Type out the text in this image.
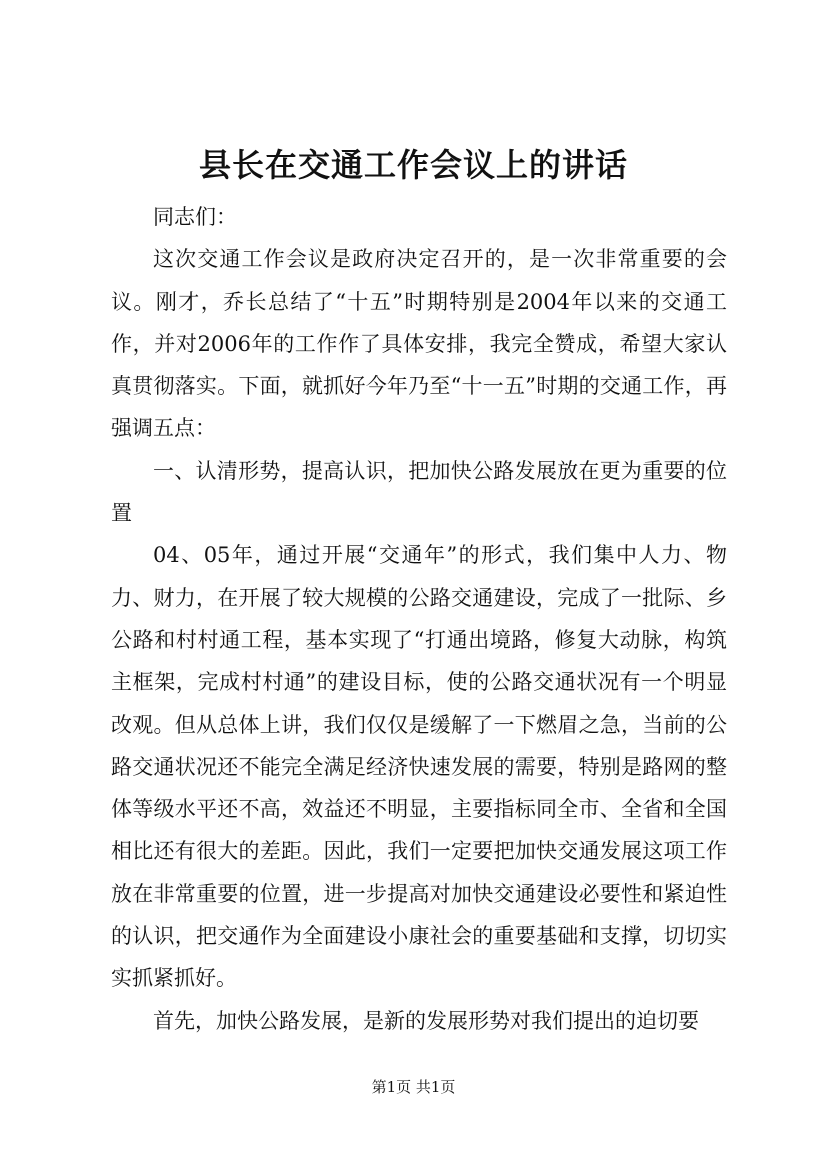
县长在交通工作会议上的讲话

同志们：

这次交通工作会议是政府决定召开的，是一次非常重要的会议。刚才，乔长总结了“十五”时期特别是2004年以来的交通工作，并对2006年的工作作了具体安排，我完全赞成，希望大家认真贯彻落实。下面，就抓好今年乃至“十一五”时期的交通工作，再强调五点：

一、认清形势，提高认识，把加快公路发展放在更为重要的位置

04、05年，通过开展“交通年”的形式，我们集中人力、物力、财力，在开展了较大规模的公路交通建设，完成了一批际、乡公路和村村通工程，基本实现了“打通出境路，修复大动脉，构筑主框架，完成村村通”的建设目标，使的公路交通状况有一个明显改观。但从总体上讲，我们仅仅是缓解了一下燃眉之急，当前的公路交通状况还不能完全满足经济快速发展的需要，特别是路网的整体等级水平还不高，效益还不明显，主要指标同全市、全省和全国相比还有很大的差距。因此，我们一定要把加快交通发展这项工作放在非常重要的位置，进一步提高对加快交通建设必要性和紧迫性的认识，把交通作为全面建设小康社会的重要基础和支撑，切切实实抓紧抓好。

首先，加快公路发展，是新的发展形势对我们提出的迫切要

第1页 共1页
